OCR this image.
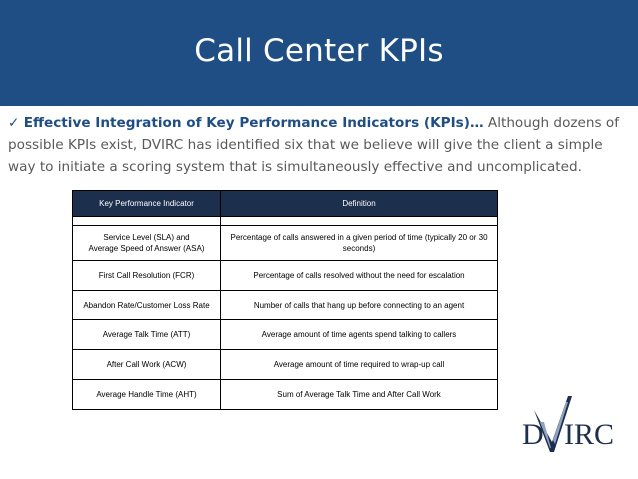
Call Center KPIs

✓ Effective Integration of Key Performance Indicators (KPIs)… Although dozens of possible KPIs exist, DVIRC has identified six that we believe will give the client a simple way to initiate a scoring system that is simultaneously effective and uncomplicated.

Key Performance Indicator	Definition

Service Level (SLA) and
Average Speed of Answer (ASA)	Percentage of calls answered in a given period of time (typically 20 or 30 seconds)
First Call Resolution (FCR)	Percentage of calls resolved without the need for escalation
Abandon Rate/Customer Loss Rate	Number of calls that hang up before connecting to an agent
Average Talk Time (ATT)	Average amount of time agents spend talking to callers
After Call Work (ACW)	Average amount of time required to wrap-up call
Average Handle Time (AHT)	Sum of Average Talk Time and After Call Work
D IRC
